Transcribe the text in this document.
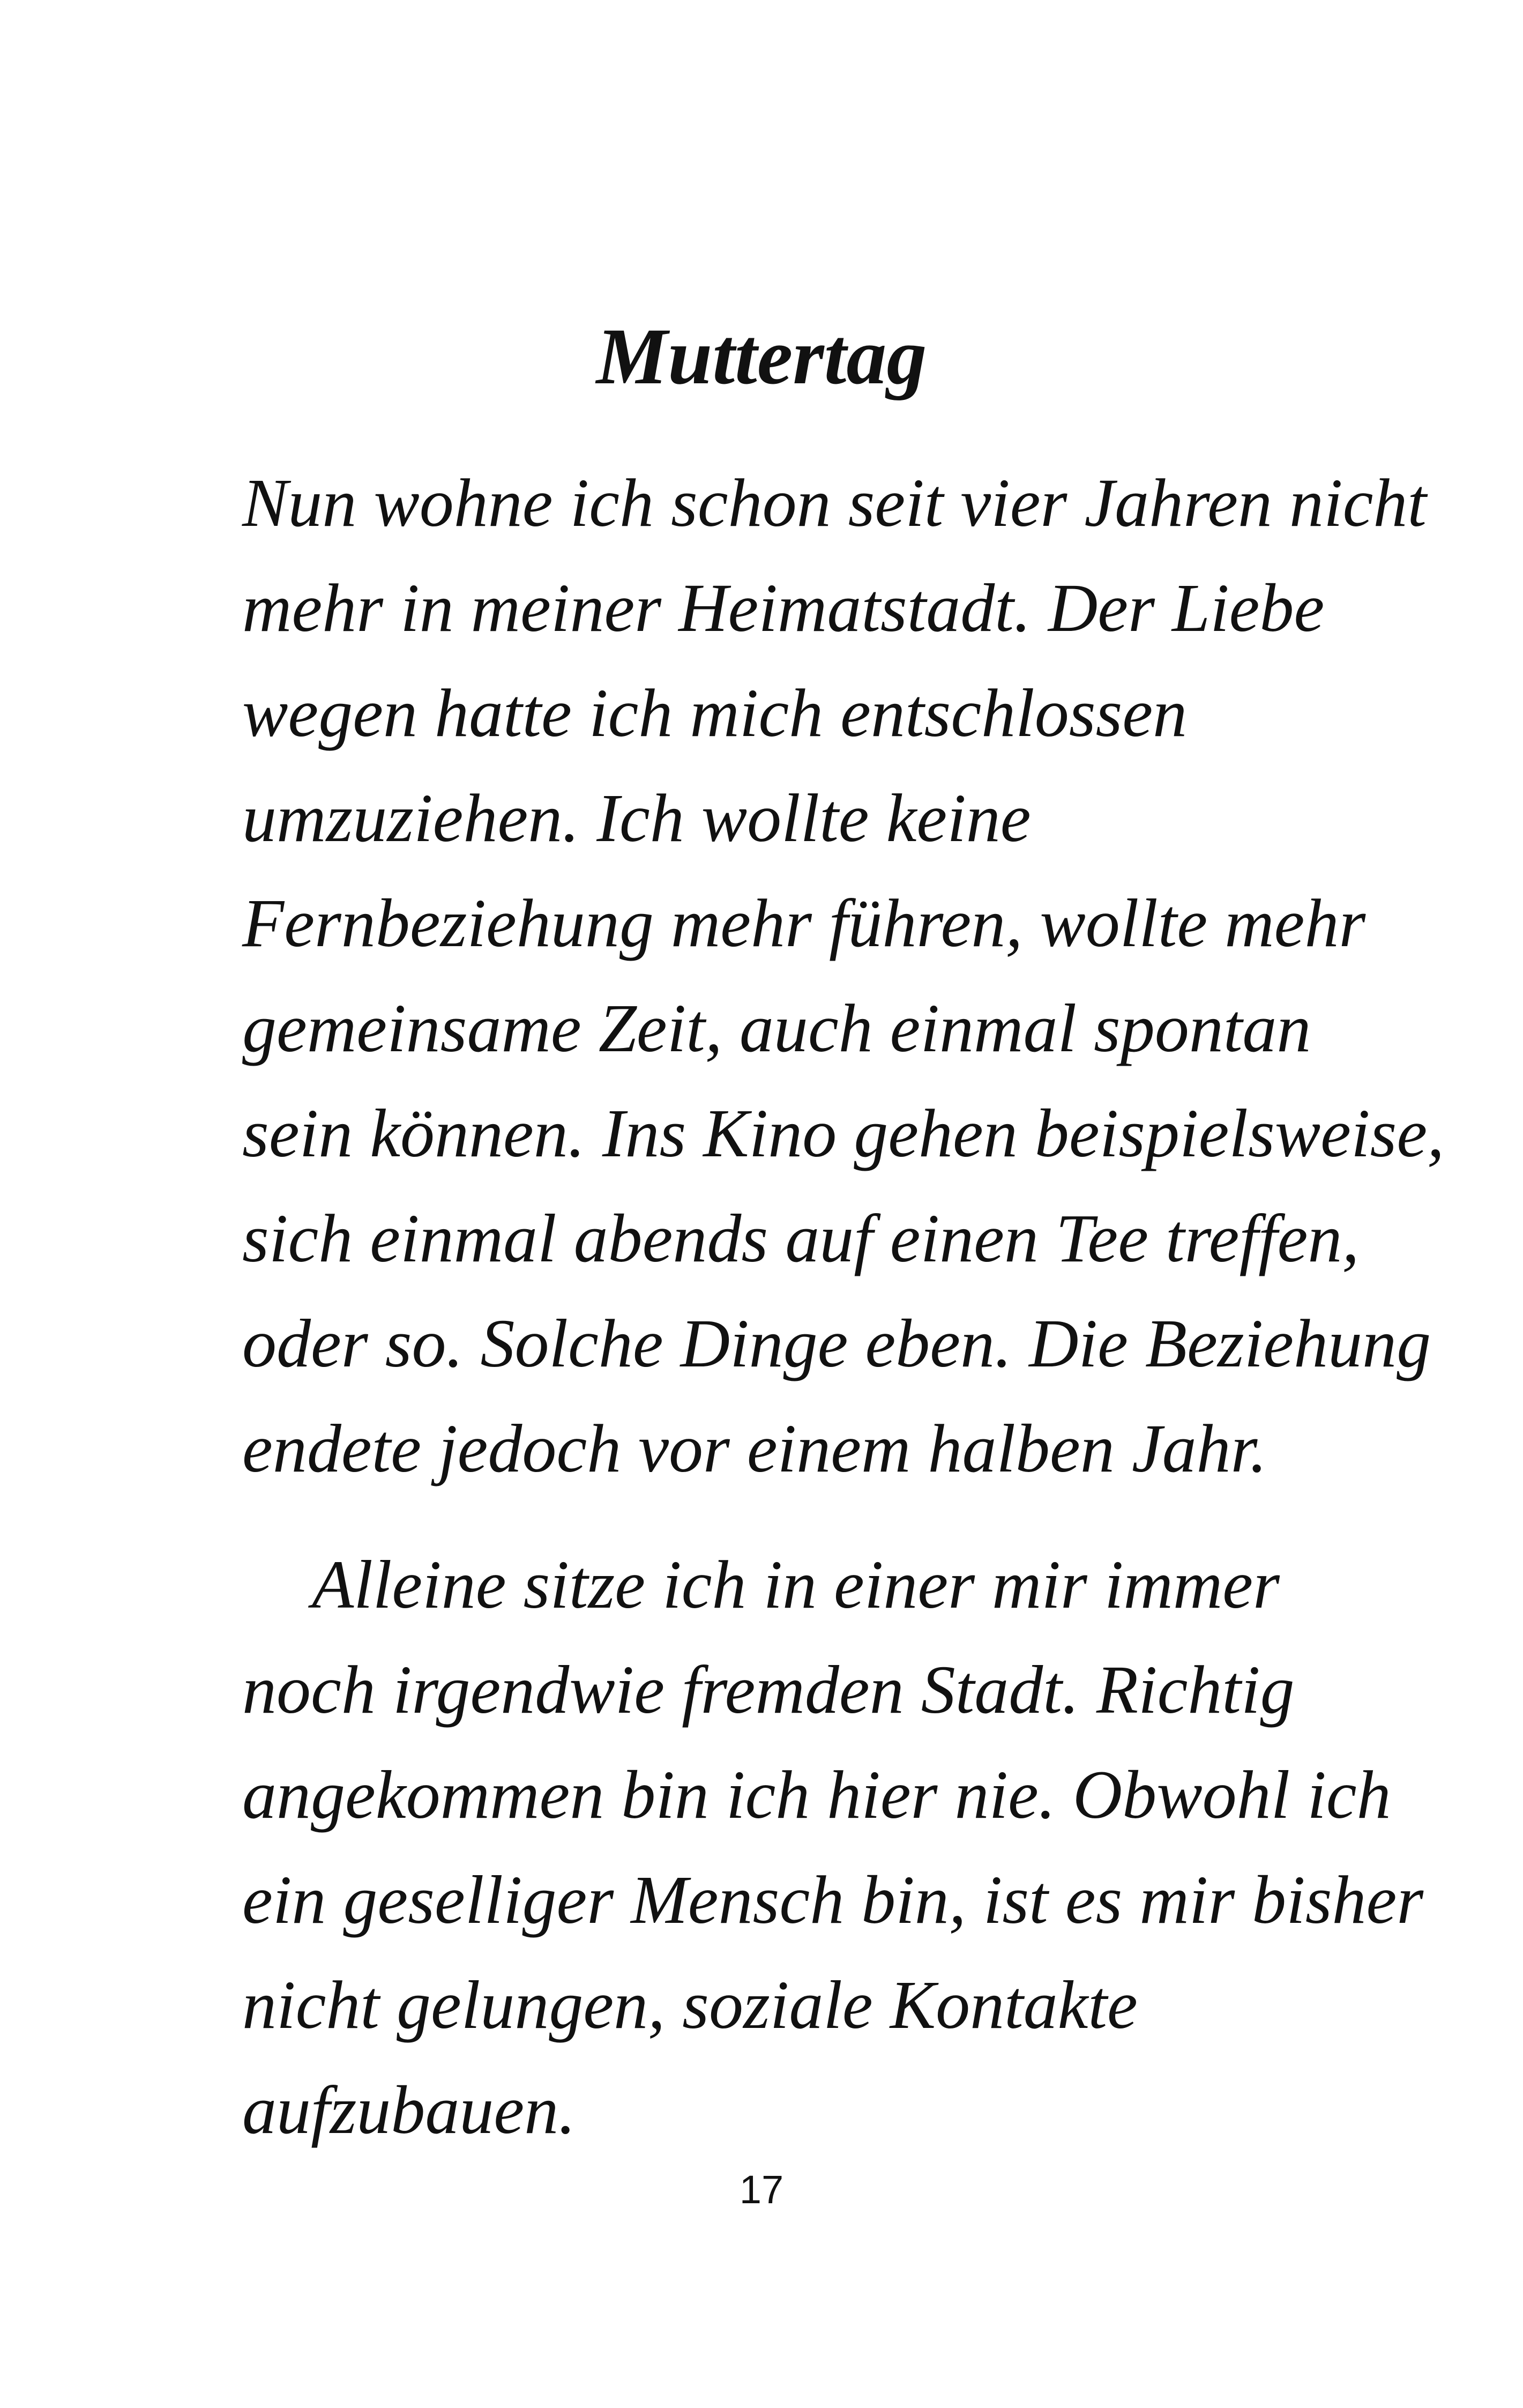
Muttertag
Nun wohne ich schon seit vier Jahren nicht
mehr in meiner Heimatstadt. Der Liebe
wegen hatte ich mich entschlossen
umzuziehen. Ich wollte keine
Fernbeziehung mehr führen, wollte mehr
gemeinsame Zeit, auch einmal spontan
sein können. Ins Kino gehen beispielsweise,
sich einmal abends auf einen Tee treffen,
oder so. Solche Dinge eben. Die Beziehung
endete jedoch vor einem halben Jahr.
Alleine sitze ich in einer mir immer
noch irgendwie fremden Stadt. Richtig
angekommen bin ich hier nie. Obwohl ich
ein geselliger Mensch bin, ist es mir bisher
nicht gelungen, soziale Kontakte
aufzubauen.
17
